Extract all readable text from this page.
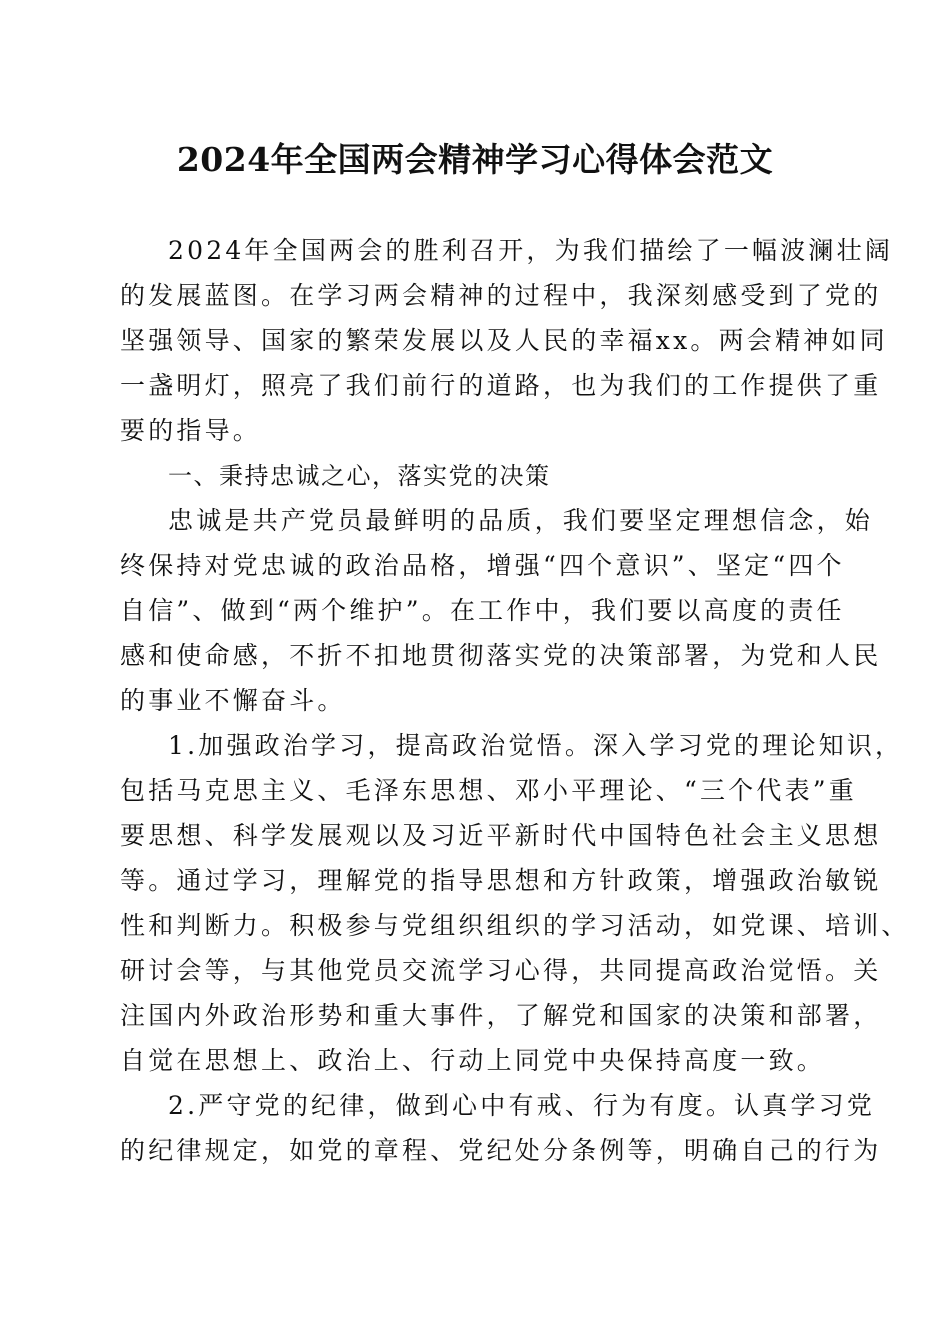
2024年全国两会精神学习心得体会范文
2024年全国两会的胜利召开，为我们描绘了一幅波澜壮阔
的发展蓝图。在学习两会精神的过程中，我深刻感受到了党的
坚强领导、国家的繁荣发展以及人民的幸福xx。两会精神如同
一盏明灯，照亮了我们前行的道路，也为我们的工作提供了重
要的指导。
一、秉持忠诚之心，落实党的决策
忠诚是共产党员最鲜明的品质，我们要坚定理想信念，始
终保持对党忠诚的政治品格，增强“四个意识”、坚定“四个
自信”、做到“两个维护”。在工作中，我们要以高度的责任
感和使命感，不折不扣地贯彻落实党的决策部署，为党和人民
的事业不懈奋斗。
1.加强政治学习，提高政治觉悟。深入学习党的理论知识，
包括马克思主义、毛泽东思想、邓小平理论、“三个代表”重
要思想、科学发展观以及习近平新时代中国特色社会主义思想
等。通过学习，理解党的指导思想和方针政策，增强政治敏锐
性和判断力。积极参与党组织组织的学习活动，如党课、培训、
研讨会等，与其他党员交流学习心得，共同提高政治觉悟。关
注国内外政治形势和重大事件，了解党和国家的决策和部署，
自觉在思想上、政治上、行动上同党中央保持高度一致。
2.严守党的纪律，做到心中有戒、行为有度。认真学习党
的纪律规定，如党的章程、党纪处分条例等，明确自己的行为
